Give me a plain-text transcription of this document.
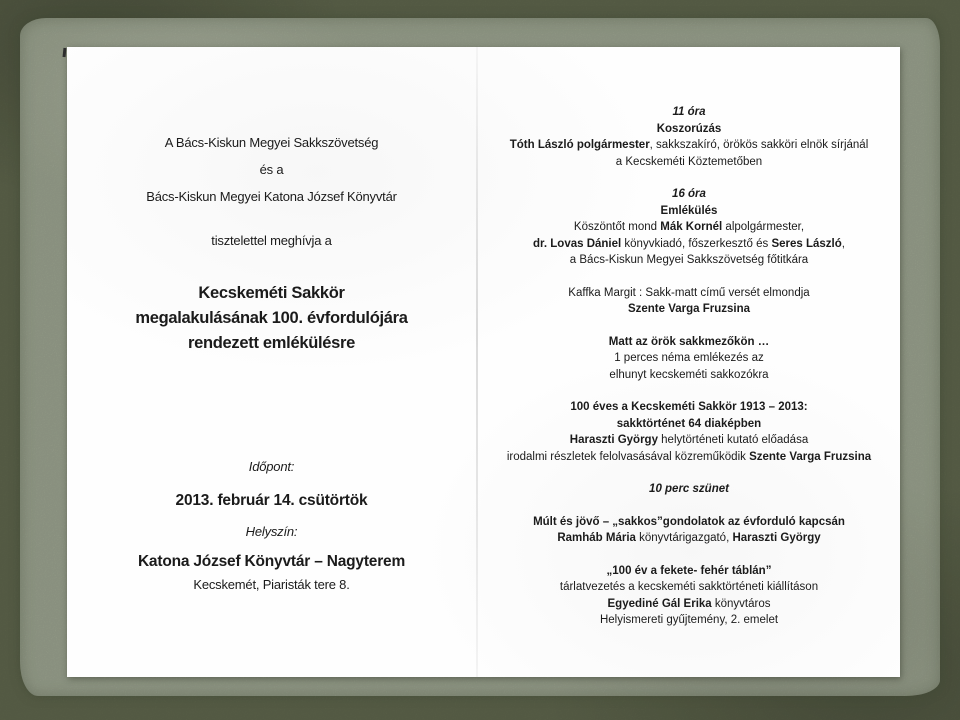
A Bács-Kiskun Megyei Sakkszövetség
és a
Bács-Kiskun Megyei Katona József Könyvtár
tisztelettel meghívja a
Kecskeméti Sakkör
megalakulásának 100. évfordulójára
rendezett emlékülésre
Időpont:
2013. február 14. csütörtök
Helyszín:
Katona József Könyvtár – Nagyterem
Kecskemét, Piaristák tere 8.
11 óra
Koszorúzás
Tóth László polgármester, sakkszakíró, örökös sakköri elnök sírjánál
a Kecskeméti Köztemetőben
16 óra
Emlékülés
Köszöntőt mond Mák Kornél alpolgármester,
dr. Lovas Dániel könyvkiadó, főszerkesztő és Seres László,
a Bács-Kiskun Megyei Sakkszövetség főtitkára
Kaffka Margit : Sakk-matt című versét elmondja
Szente Varga Fruzsina
Matt az örök sakkmezőkön …
1 perces néma emlékezés az
elhunyt kecskeméti sakkozókra
100 éves a Kecskeméti Sakkör 1913 – 2013:
sakktörténet 64 diaképben
Haraszti György helytörténeti kutató előadása
irodalmi részletek felolvasásával közreműködik Szente Varga Fruzsina
10 perc szünet
Múlt és jövő – „sakkos”gondolatok az évforduló kapcsán
Ramháb Mária könyvtárigazgató, Haraszti György
„100 év a fekete- fehér táblán”
tárlatvezetés a kecskeméti sakktörténeti kiállításon
Egyediné Gál Erika könyvtáros
Helyismereti gyűjtemény, 2. emelet
